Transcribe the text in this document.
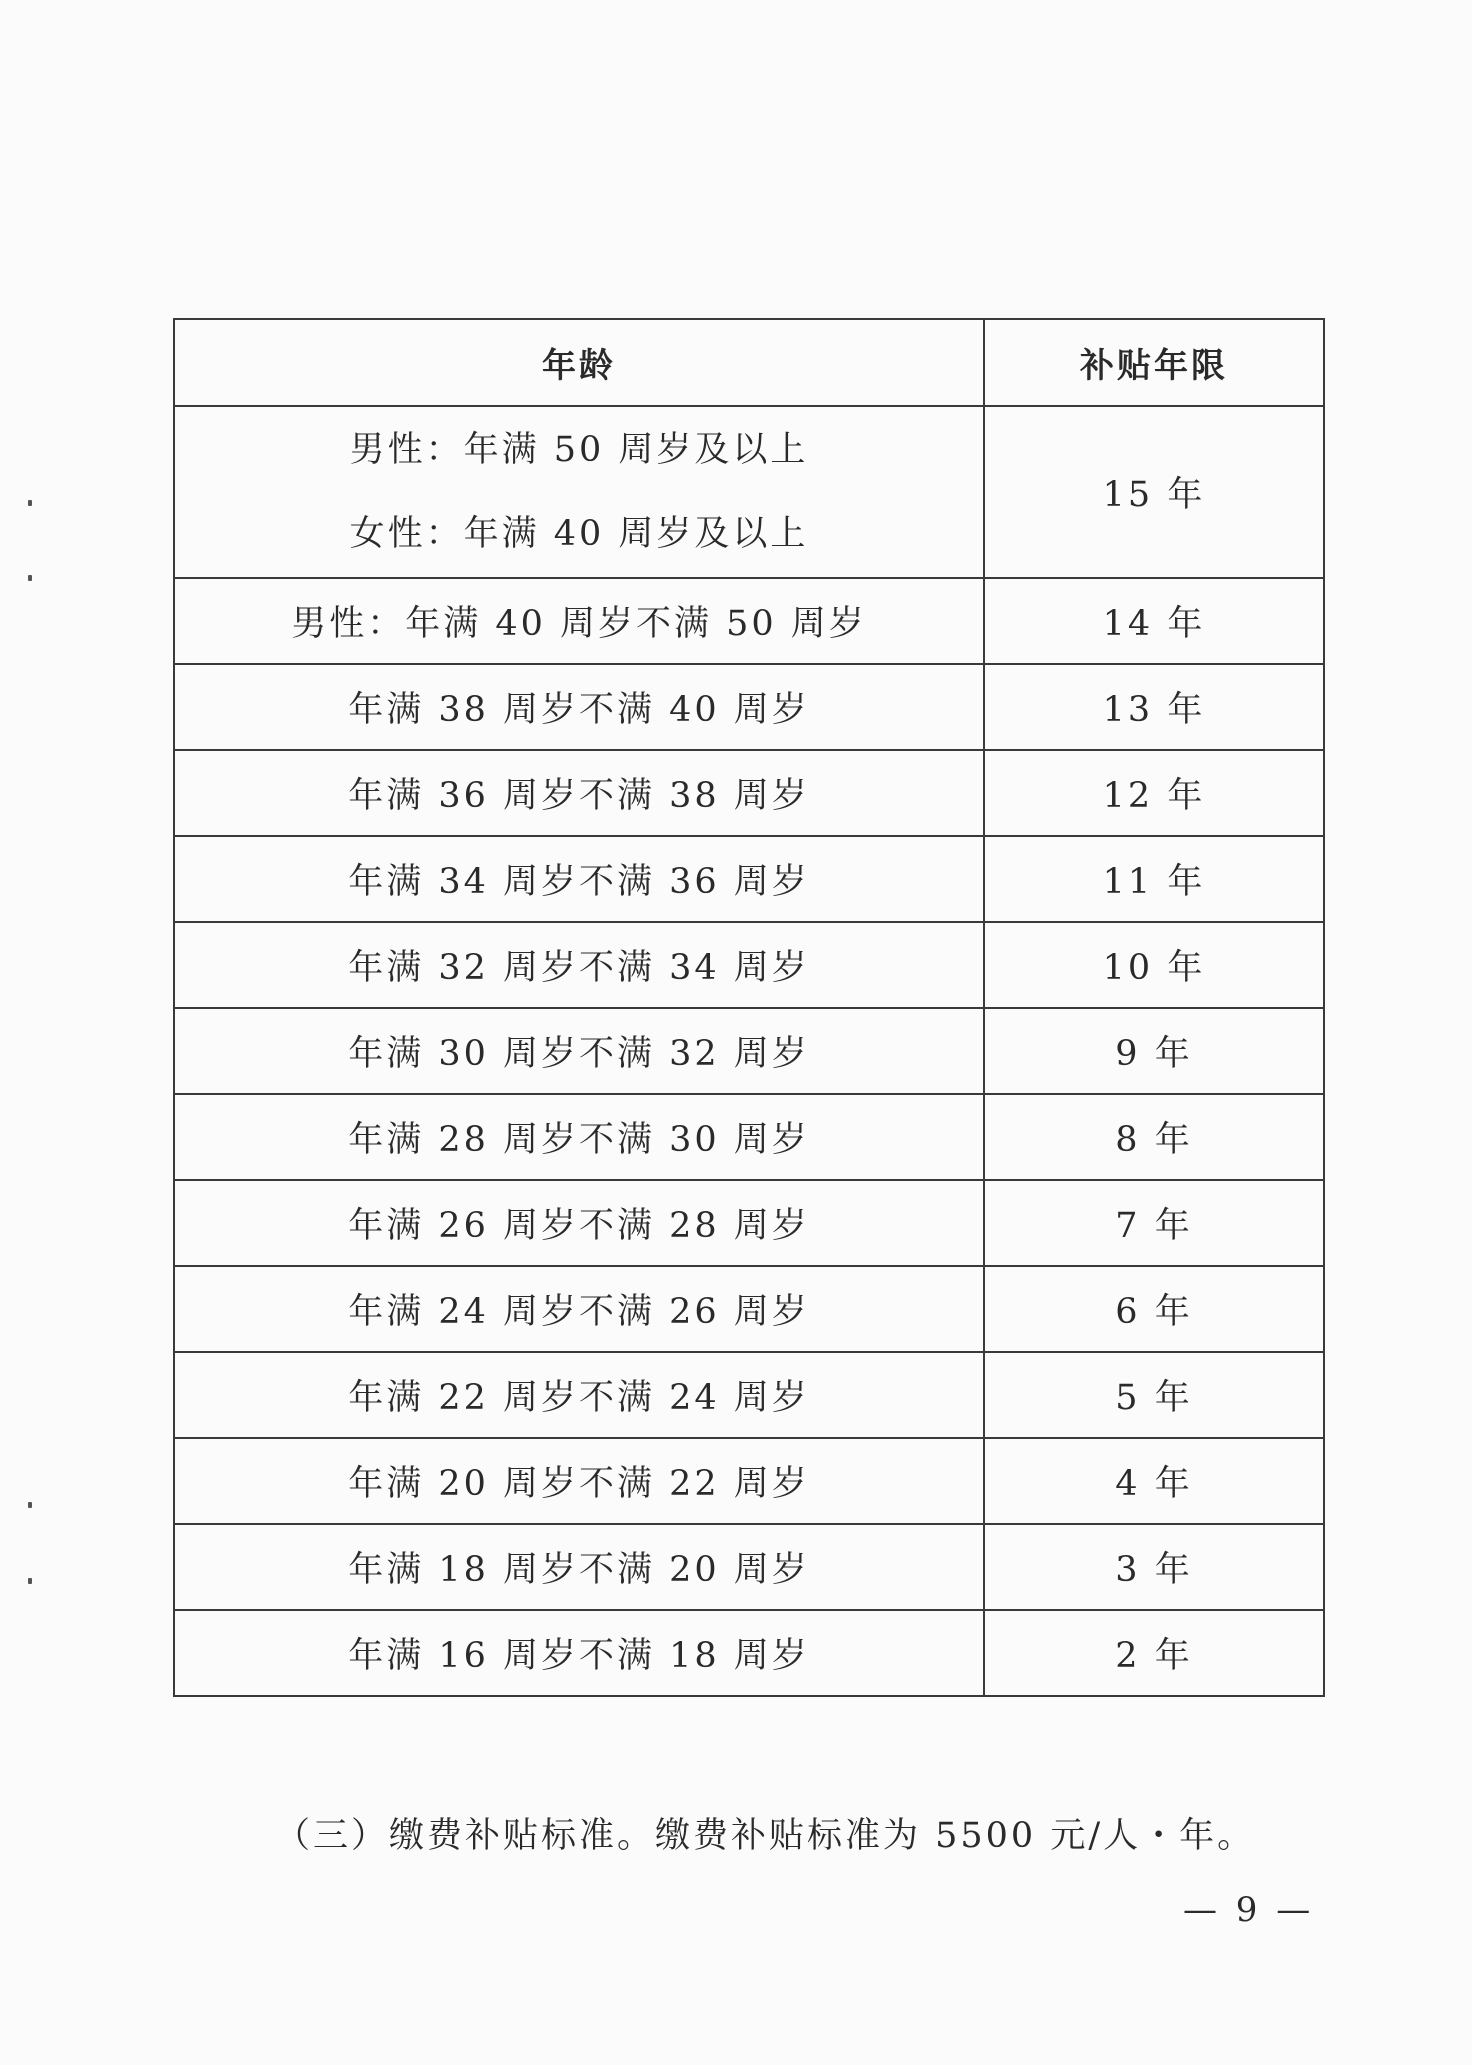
年龄	补贴年限

男性：年满 50 周岁及以上
女性：年满 40 周岁及以上	15 年
男性：年满 40 周岁不满 50 周岁	14 年
年满 38 周岁不满 40 周岁	13 年
年满 36 周岁不满 38 周岁	12 年
年满 34 周岁不满 36 周岁	11 年
年满 32 周岁不满 34 周岁	10 年
年满 30 周岁不满 32 周岁	9 年
年满 28 周岁不满 30 周岁	8 年
年满 26 周岁不满 28 周岁	7 年
年满 24 周岁不满 26 周岁	6 年
年满 22 周岁不满 24 周岁	5 年
年满 20 周岁不满 22 周岁	4 年
年满 18 周岁不满 20 周岁	3 年
年满 16 周岁不满 18 周岁	2 年
（三）缴费补贴标准。缴费补贴标准为 5500 元/人・年。
— 9 —
